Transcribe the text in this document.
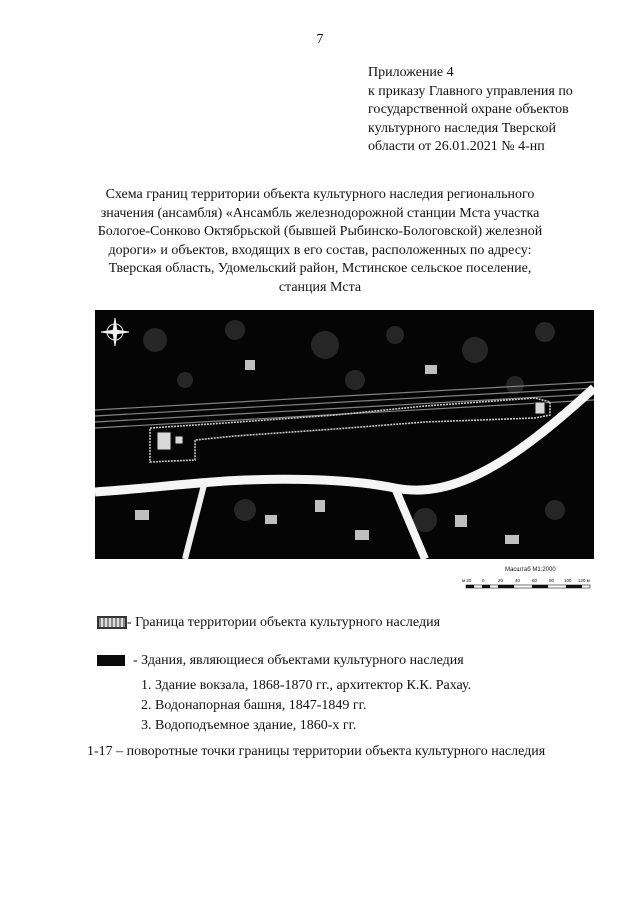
7
Приложение 4
к приказу Главного управления по
государственной охране объектов
культурного наследия Тверской
области от 26.01.2021 № 4-нп
Схема границ территории объекта культурного наследия регионального
значения (ансамбля) «Ансамбль железнодорожной станции Мста участка
Бологое-Сонково Октябрьской (бывшей Рыбинско-Бологовской) железной
дороги» и объектов, входящих в его состав, расположенных по адресу:
Тверская область, Удомельский район, Мстинское сельское поселение,
станция Мста
Масштаб М1:2000
м 20 0	20	40	60	80 100 120 м
- Граница территории объекта культурного наследия
- Здания, являющиеся объектами культурного наследия
1. Здание вокзала, 1868-1870 гг., архитектор К.К. Рахау.
2. Водонапорная башня, 1847-1849 гг.
3. Водоподъемное здание, 1860-х гг.
1-17 – поворотные точки границы территории объекта культурного наследия
